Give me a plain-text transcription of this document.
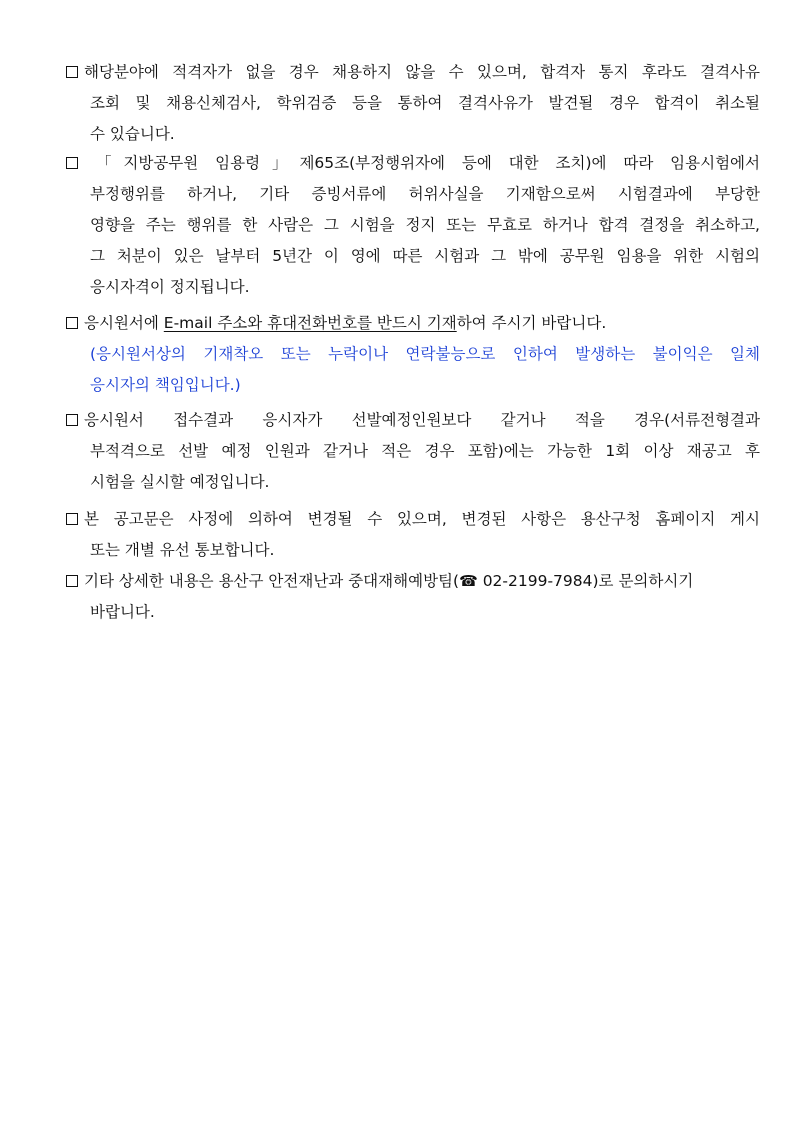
해당분야에 적격자가 없을 경우 채용하지 않을 수 있으며, 합격자 통지 후라도 결격사유
조회 및 채용신체검사, 학위검증 등을 통하여 결격사유가 발견될 경우 합격이 취소될
수 있습니다.
「지방공무원 임용령」제65조(부정행위자에 등에 대한 조치)에 따라 임용시험에서
부정행위를 하거나, 기타 증빙서류에 허위사실을 기재함으로써 시험결과에 부당한
영향을 주는 행위를 한 사람은 그 시험을 정지 또는 무효로 하거나 합격 결정을 취소하고,
그 처분이 있은 날부터 5년간 이 영에 따른 시험과 그 밖에 공무원 임용을 위한 시험의
응시자격이 정지됩니다.
응시원서에 E-mail 주소와 휴대전화번호를 반드시 기재하여 주시기 바랍니다.
(응시원서상의 기재착오 또는 누락이나 연락불능으로 인하여 발생하는 불이익은 일체
응시자의 책임입니다.)
응시원서 접수결과 응시자가 선발예정인원보다 같거나 적을 경우(서류전형결과
부적격으로 선발 예정 인원과 같거나 적은 경우 포함)에는 가능한 1회 이상 재공고 후
시험을 실시할 예정입니다.
본 공고문은 사정에 의하여 변경될 수 있으며, 변경된 사항은 용산구청 홈페이지 게시
또는 개별 유선 통보합니다.
기타 상세한 내용은 용산구 안전재난과 중대재해예방팀(☎ 02-2199-7984)로 문의하시기
바랍니다.
